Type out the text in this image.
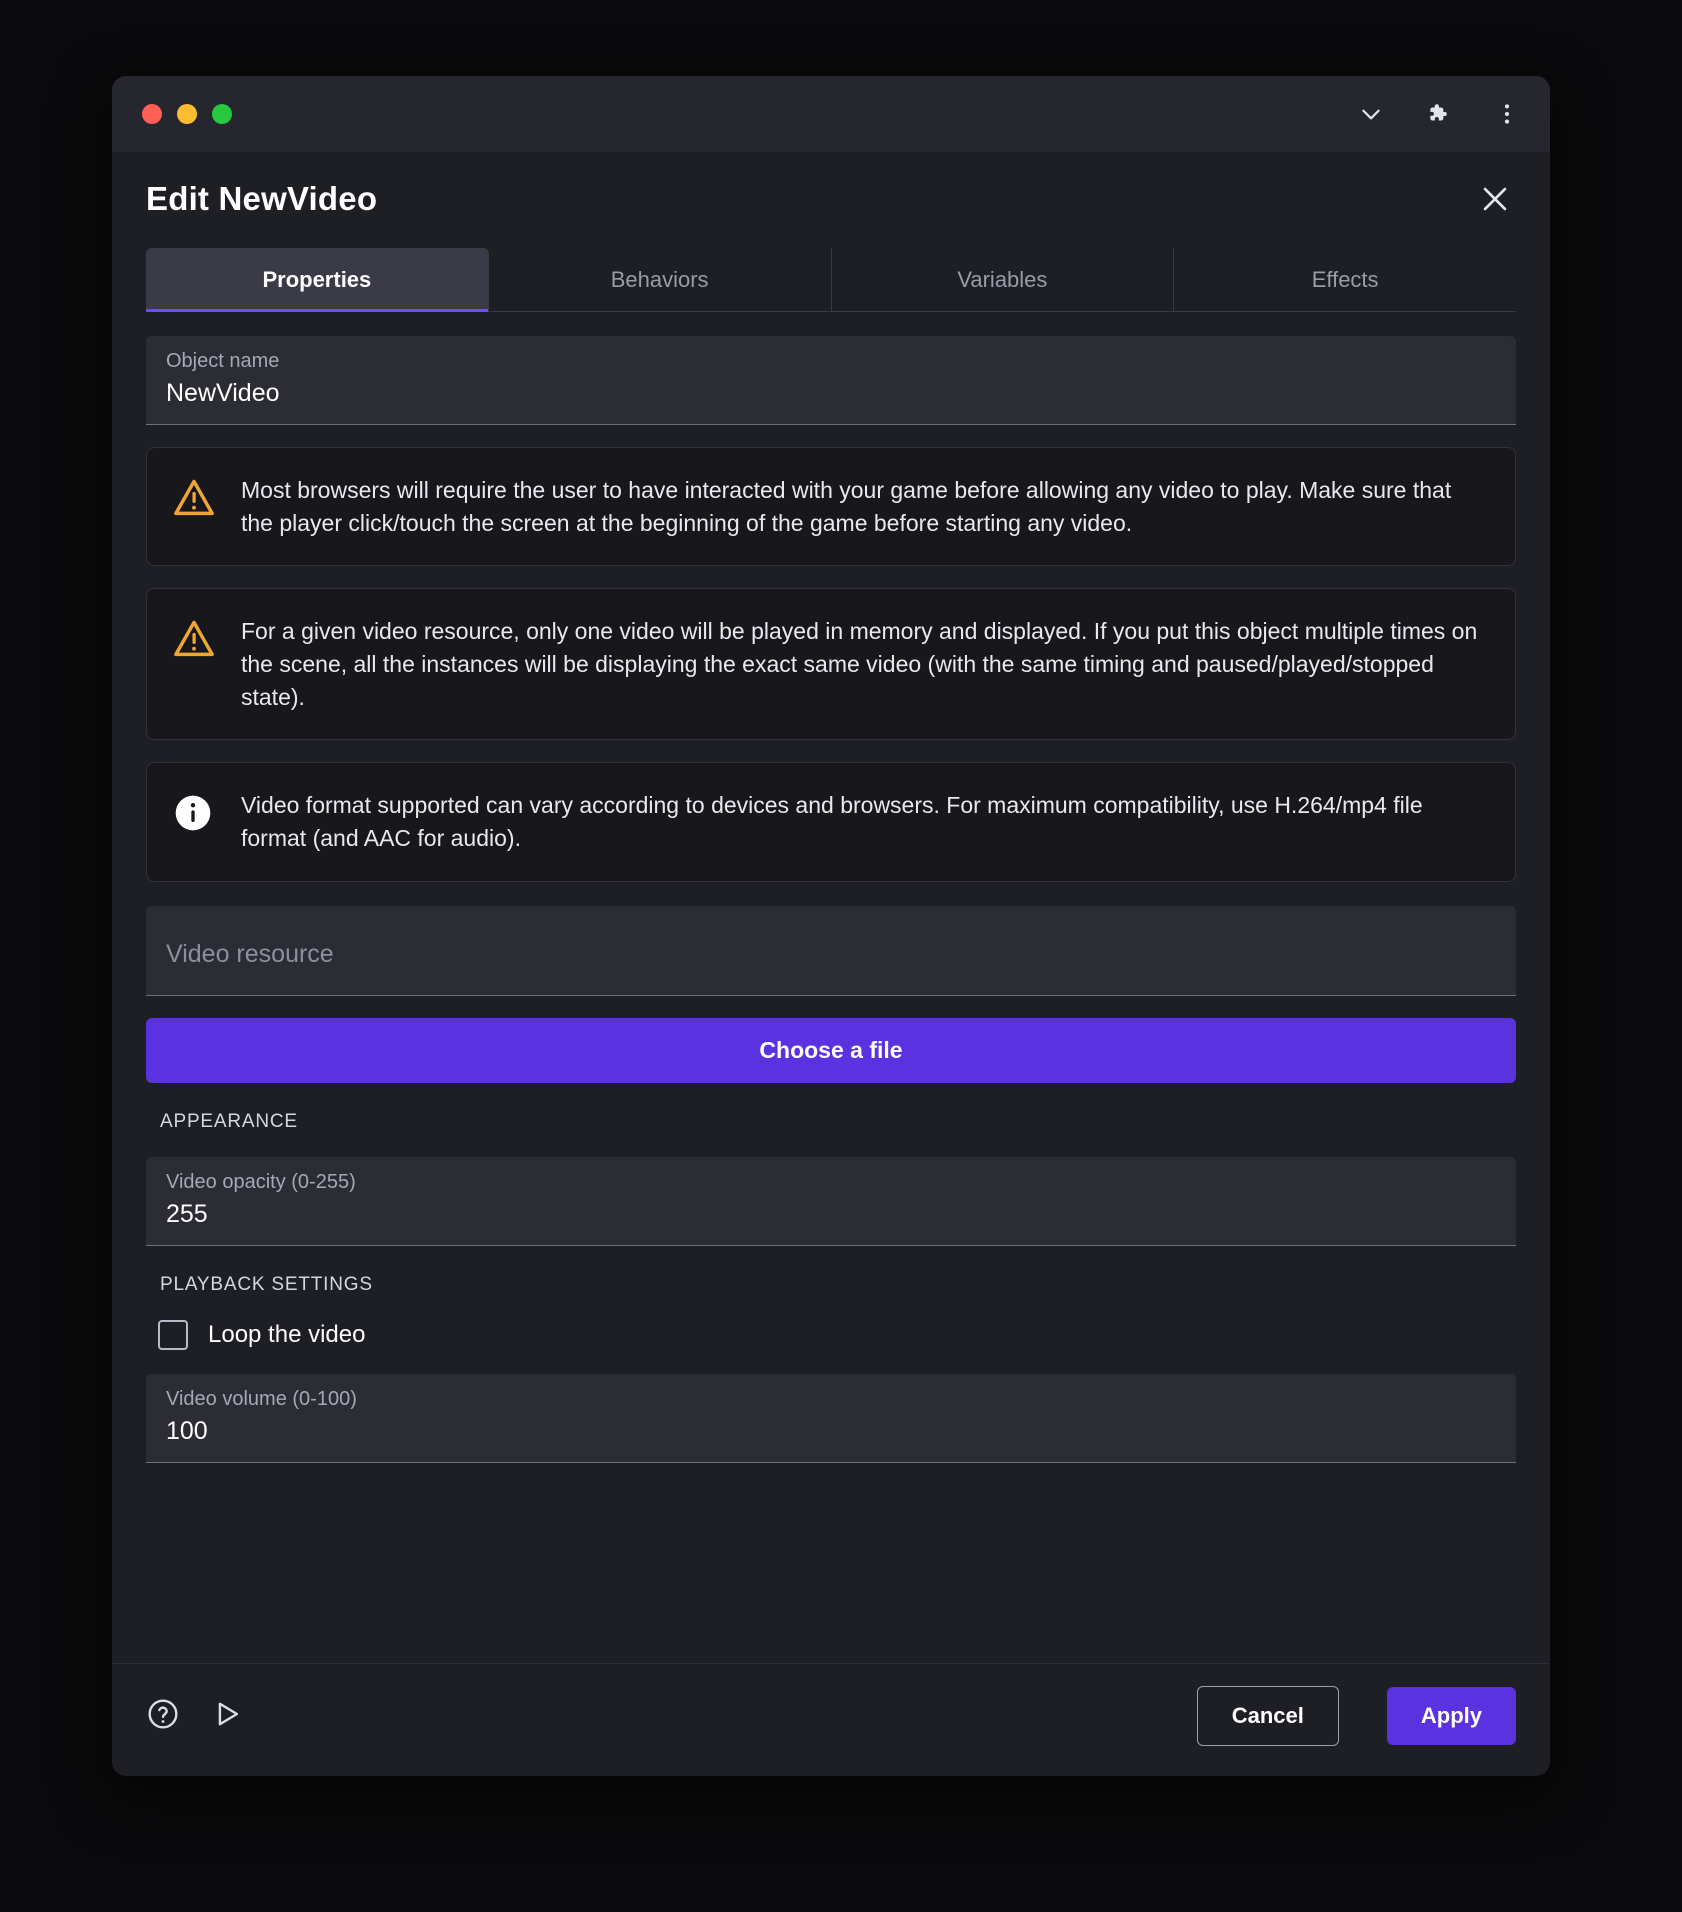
Edit NewVideo
Properties	Behaviors	Variables	Effects
Object name
NewVideo
Most browsers will require the user to have interacted with your game before allowing any video to play. Make sure that the player click/touch the screen at the beginning of the game before starting any video.
For a given video resource, only one video will be played in memory and displayed. If you put this object multiple times on the scene, all the instances will be displaying the exact same video (with the same timing and paused/played/stopped state).
Video format supported can vary according to devices and browsers. For maximum compatibility, use H.264/mp4 file format (and AAC for audio).
Video resource
Choose a file
APPEARANCE
Video opacity (0-255)
255
PLAYBACK SETTINGS
Loop the video
Video volume (0-100)
100
Cancel	Apply
